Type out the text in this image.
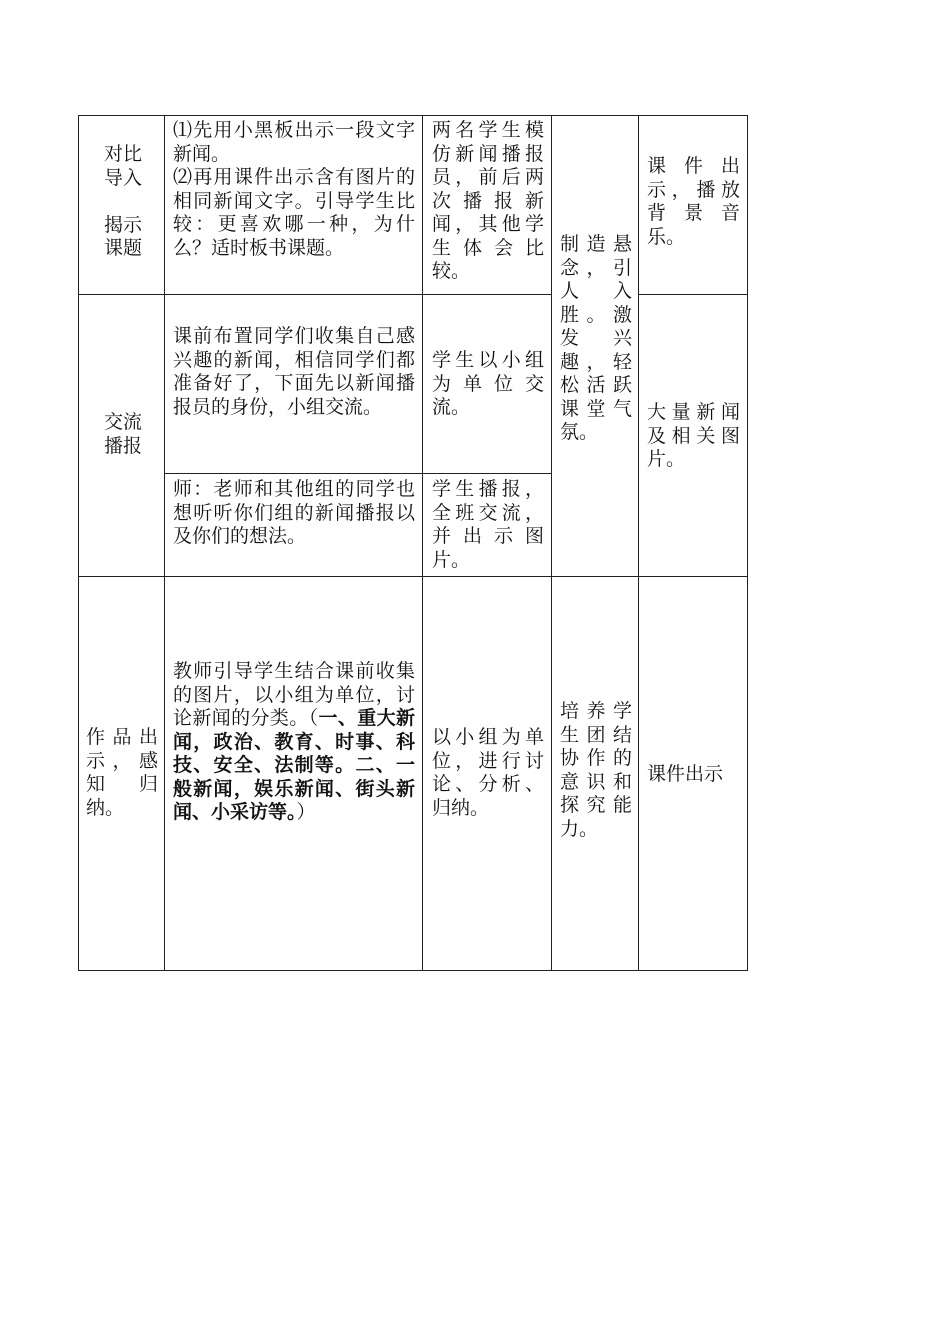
对比
导入

揭示
课题
⑴先用小黑板出示一段文字新闻。
⑵再用课件出示含有图片的相同新闻文字。引导学生比较：更喜欢哪一种，为什么？适时板书课题。
两名学生模仿新闻播报员，前后两次播报新闻，其他学生体会比较。
课件出示，播放背景音乐。
制造悬念，引人入胜。激发兴趣，轻松活跃课堂气氛。
交流
播报
课前布置同学们收集自己感兴趣的新闻，相信同学们都准备好了，下面先以新闻播报员的身份，小组交流。
学生以小组为单位交流。
师：老师和其他组的同学也想听听你们组的新闻播报以及你们的想法。
学生播报，全班交流，并出示图片。
大量新闻及相关图片。
作品出示，感知归纳。
教师引导学生结合课前收集的图片，以小组为单位，讨论新闻的分类。（一、重大新闻，政治、教育、时事、科技、安全、法制等。二、一般新闻，娱乐新闻、街头新闻、小采访等。）
以小组为单位，进行讨论、分析、归纳。
培养学生团结协作的意识和探究能力。
课件出示
